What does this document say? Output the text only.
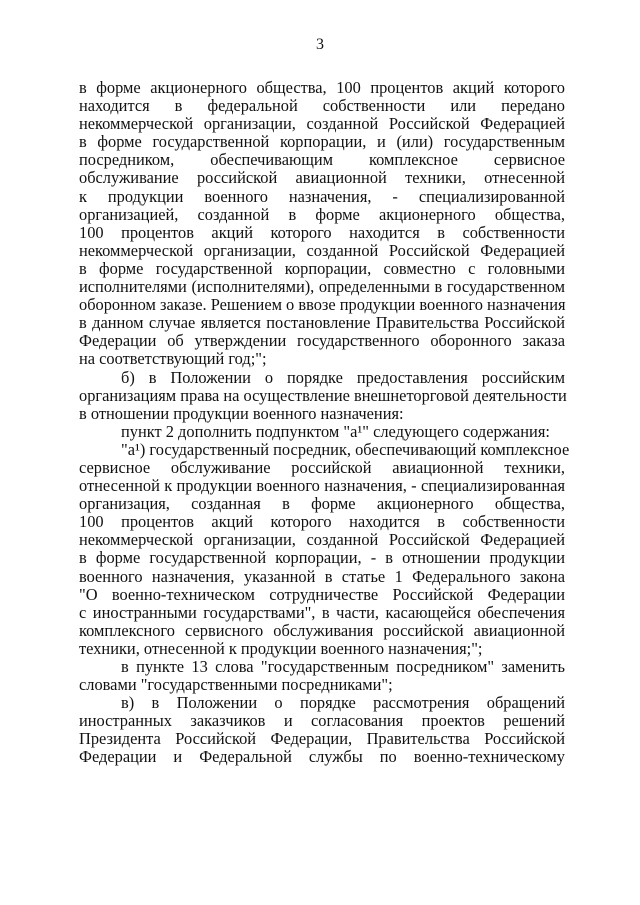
3
в форме акционерного общества, 100 процентов акций которого
находится в федеральной собственности или передано
некоммерческой организации, созданной Российской Федерацией
в форме государственной корпорации, и (или) государственным
посредником, обеспечивающим комплексное сервисное
обслуживание российской авиационной техники, отнесенной
к продукции военного назначения, - специализированной
организацией, созданной в форме акционерного общества,
100 процентов акций которого находится в собственности
некоммерческой организации, созданной Российской Федерацией
в форме государственной корпорации, совместно с головными
исполнителями (исполнителями), определенными в государственном
оборонном заказе. Решением о ввозе продукции военного назначения
в данном случае является постановление Правительства Российской
Федерации об утверждении государственного оборонного заказа
на соответствующий год;";
б) в Положении о порядке предоставления российским
организациям права на осуществление внешнеторговой деятельности
в отношении продукции военного назначения:
пункт 2 дополнить подпунктом "а¹" следующего содержания:
"а¹) государственный посредник, обеспечивающий комплексное
сервисное обслуживание российской авиационной техники,
отнесенной к продукции военного назначения, - специализированная
организация, созданная в форме акционерного общества,
100 процентов акций которого находится в собственности
некоммерческой организации, созданной Российской Федерацией
в форме государственной корпорации, - в отношении продукции
военного назначения, указанной в статье 1 Федерального закона
"О военно-техническом сотрудничестве Российской Федерации
с иностранными государствами", в части, касающейся обеспечения
комплексного сервисного обслуживания российской авиационной
техники, отнесенной к продукции военного назначения;";
в пункте 13 слова "государственным посредником" заменить
словами "государственными посредниками";
в) в Положении о порядке рассмотрения обращений
иностранных заказчиков и согласования проектов решений
Президента Российской Федерации, Правительства Российской
Федерации и Федеральной службы по военно-техническому
